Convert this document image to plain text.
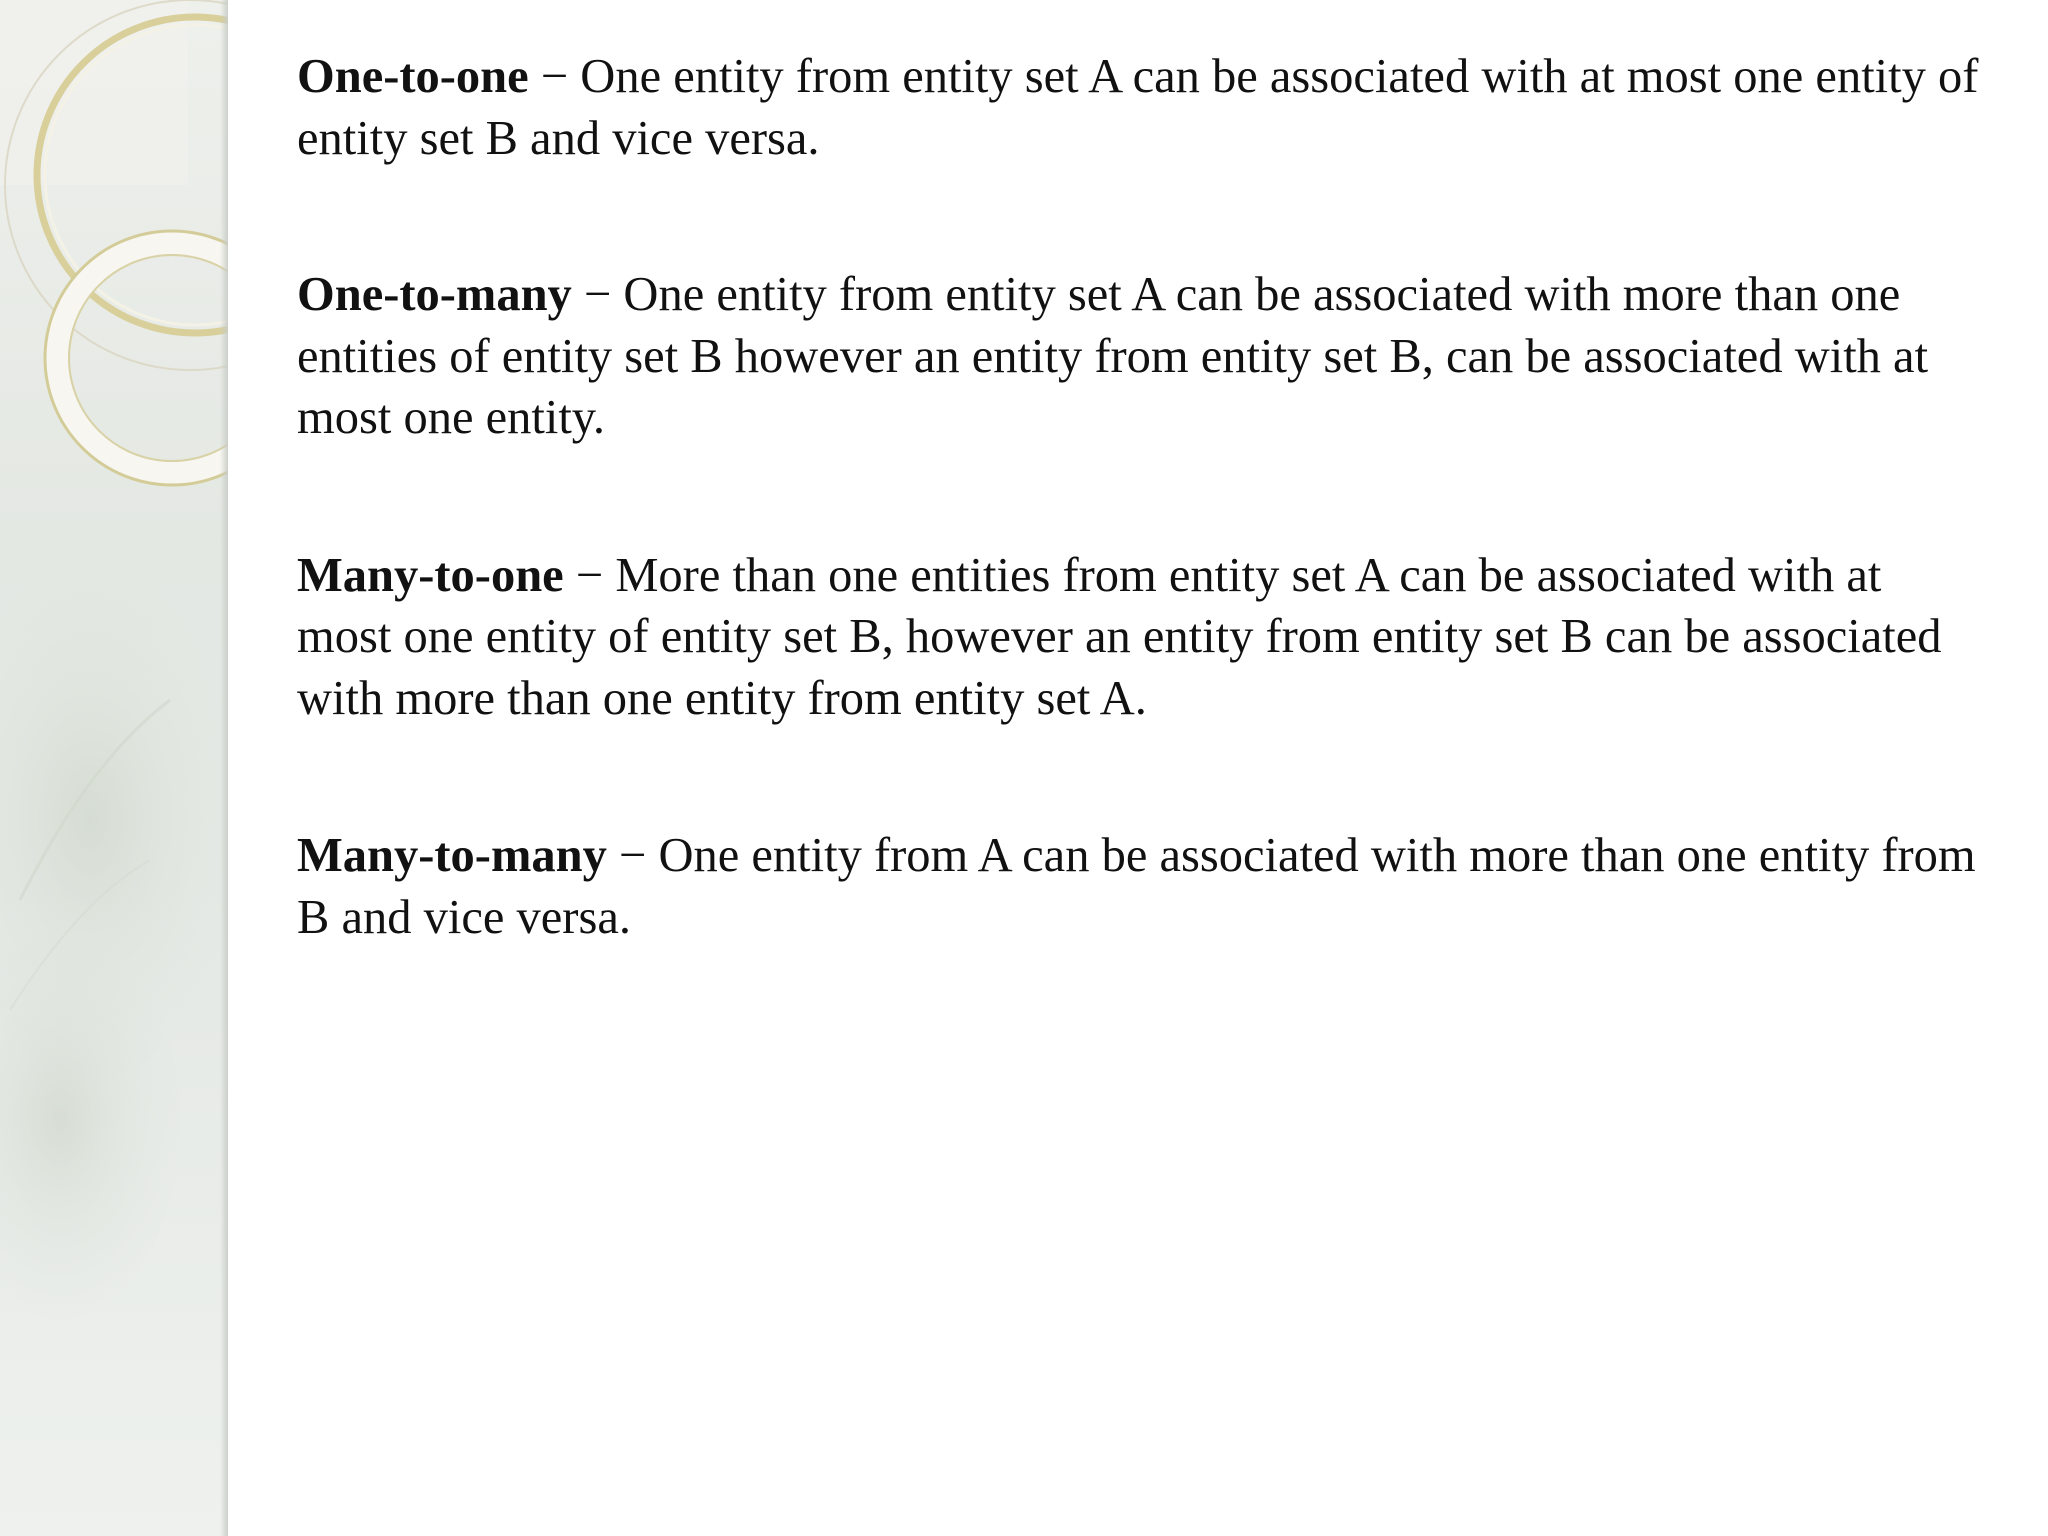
One-to-one − One entity from entity set A can be associated with at most one entity of entity set B and vice versa.

One-to-many − One entity from entity set A can be associated with more than one entities of entity set B however an entity from entity set B, can be associated with at most one entity.

Many-to-one − More than one entities from entity set A can be associated with at most one entity of entity set B, however an entity from entity set B can be associated with more than one entity from entity set A.

Many-to-many − One entity from A can be associated with more than one entity from B and vice versa.
